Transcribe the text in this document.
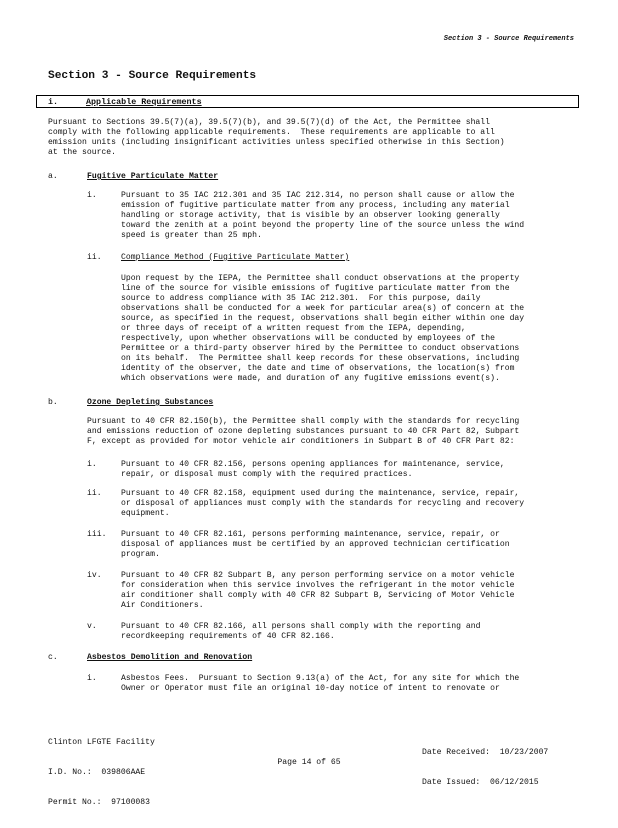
Section 3 - Source Requirements
Section 3 - Source Requirements
i.	Applicable Requirements
Pursuant to Sections 39.5(7)(a), 39.5(7)(b), and 39.5(7)(d) of the Act, the Permittee shall
comply with the following applicable requirements.  These requirements are applicable to all
emission units (including insignificant activities unless specified otherwise in this Section)
at the source.
a.	Fugitive Particulate Matter
i.	Pursuant to 35 IAC 212.301 and 35 IAC 212.314, no person shall cause or allow the
emission of fugitive particulate matter from any process, including any material
handling or storage activity, that is visible by an observer looking generally
toward the zenith at a point beyond the property line of the source unless the wind
speed is greater than 25 mph.
ii. Compliance Method (Fugitive Particulate Matter)
Upon request by the IEPA, the Permittee shall conduct observations at the property
line of the source for visible emissions of fugitive particulate matter from the
source to address compliance with 35 IAC 212.301.  For this purpose, daily
observations shall be conducted for a week for particular area(s) of concern at the
source, as specified in the request, observations shall begin either within one day
or three days of receipt of a written request from the IEPA, depending,
respectively, upon whether observations will be conducted by employees of the
Permittee or a third-party observer hired by the Permittee to conduct observations
on its behalf.  The Permittee shall keep records for these observations, including
identity of the observer, the date and time of observations, the location(s) from
which observations were made, and duration of any fugitive emissions event(s).
b.	Ozone Depleting Substances
Pursuant to 40 CFR 82.150(b), the Permittee shall comply with the standards for recycling
and emissions reduction of ozone depleting substances pursuant to 40 CFR Part 82, Subpart
F, except as provided for motor vehicle air conditioners in Subpart B of 40 CFR Part 82:
i.	Pursuant to 40 CFR 82.156, persons opening appliances for maintenance, service,
repair, or disposal must comply with the required practices.
ii. Pursuant to 40 CFR 82.158, equipment used during the maintenance, service, repair,
or disposal of appliances must comply with the standards for recycling and recovery
equipment.
iii. Pursuant to 40 CFR 82.161, persons performing maintenance, service, repair, or
disposal of appliances must be certified by an approved technician certification
program.
iv. Pursuant to 40 CFR 82 Subpart B, any person performing service on a motor vehicle
for consideration when this service involves the refrigerant in the motor vehicle
air conditioner shall comply with 40 CFR 82 Subpart B, Servicing of Motor Vehicle
Air Conditioners.
v.	Pursuant to 40 CFR 82.166, all persons shall comply with the reporting and
recordkeeping requirements of 40 CFR 82.166.
c.	Asbestos Demolition and Renovation
i.	Asbestos Fees.  Pursuant to Section 9.13(a) of the Act, for any site for which the
Owner or Operator must file an original 10-day notice of intent to renovate or

Clinton LFGTE Facility

I.D. No.:  039806AAE

Permit No.:  97100083

Date Received:  10/23/2007

Date Issued:  06/12/2015

Page 14 of 65
